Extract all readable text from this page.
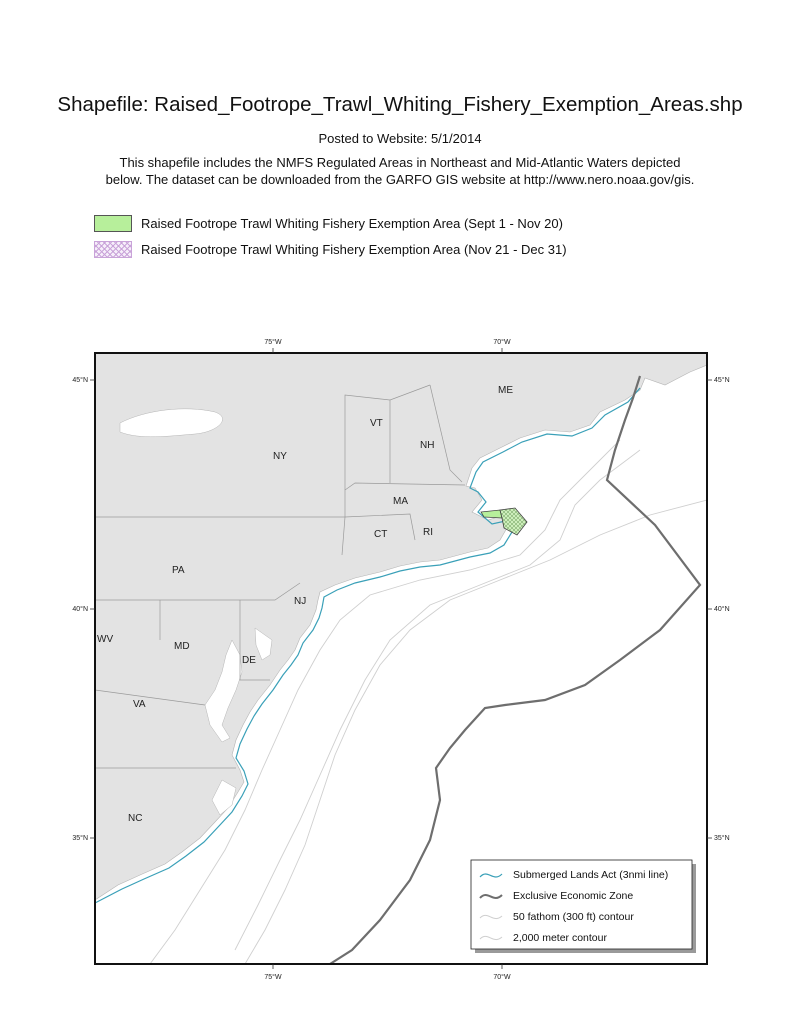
Shapefile: Raised_Footrope_Trawl_Whiting_Fishery_Exemption_Areas.shp
Posted to Website: 5/1/2014
This shapefile includes the NMFS Regulated Areas in Northeast and Mid-Atlantic Waters depicted
below. The dataset can be downloaded from the GARFO GIS website at http://www.nero.noaa.gov/gis.
Raised Footrope Trawl Whiting Fishery Exemption Area (Sept 1 - Nov 20)
Raised Footrope Trawl Whiting Fishery Exemption Area (Nov 21 - Dec 31)
75°W	70°W
75°W	70°W
45°N
40°N
35°N
45°N
40°N
35°N
ME
VT
NH
NY
MA
CT	RI
PA
NJ
WV
MD
DE
VA
NC
Submerged Lands Act (3nmi line)
Exclusive Economic Zone
50 fathom (300 ft) contour
2,000 meter contour
